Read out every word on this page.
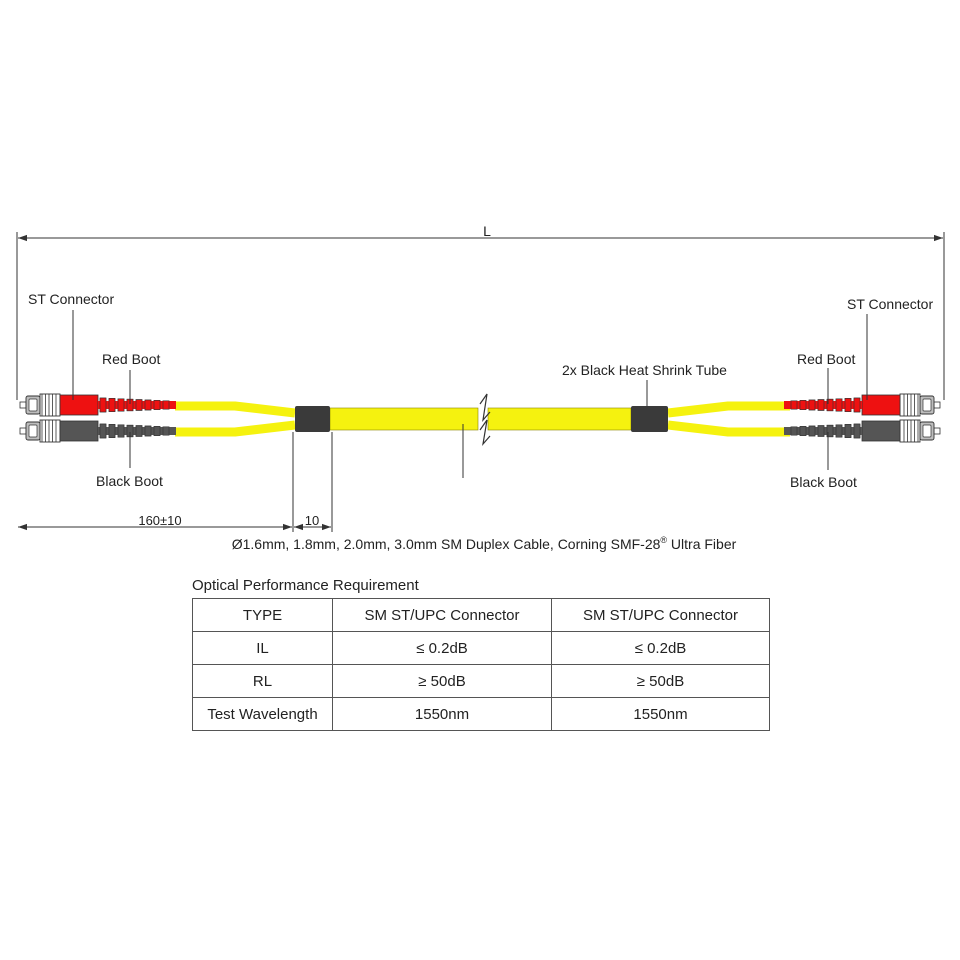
L
ST Connector
Red Boot
Black Boot
2x Black Heat Shrink Tube
ST Connector
Red Boot
Black Boot
160±10	10
Ø1.6mm, 1.8mm, 2.0mm, 3.0mm SM Duplex Cable, Corning SMF-28® Ultra Fiber
Optical Performance Requirement
TYPE	SM ST/UPC Connector	SM ST/UPC Connector
IL	≤ 0.2dB	≤ 0.2dB
RL	≥ 50dB	≥ 50dB
Test Wavelength	1550nm	1550nm
